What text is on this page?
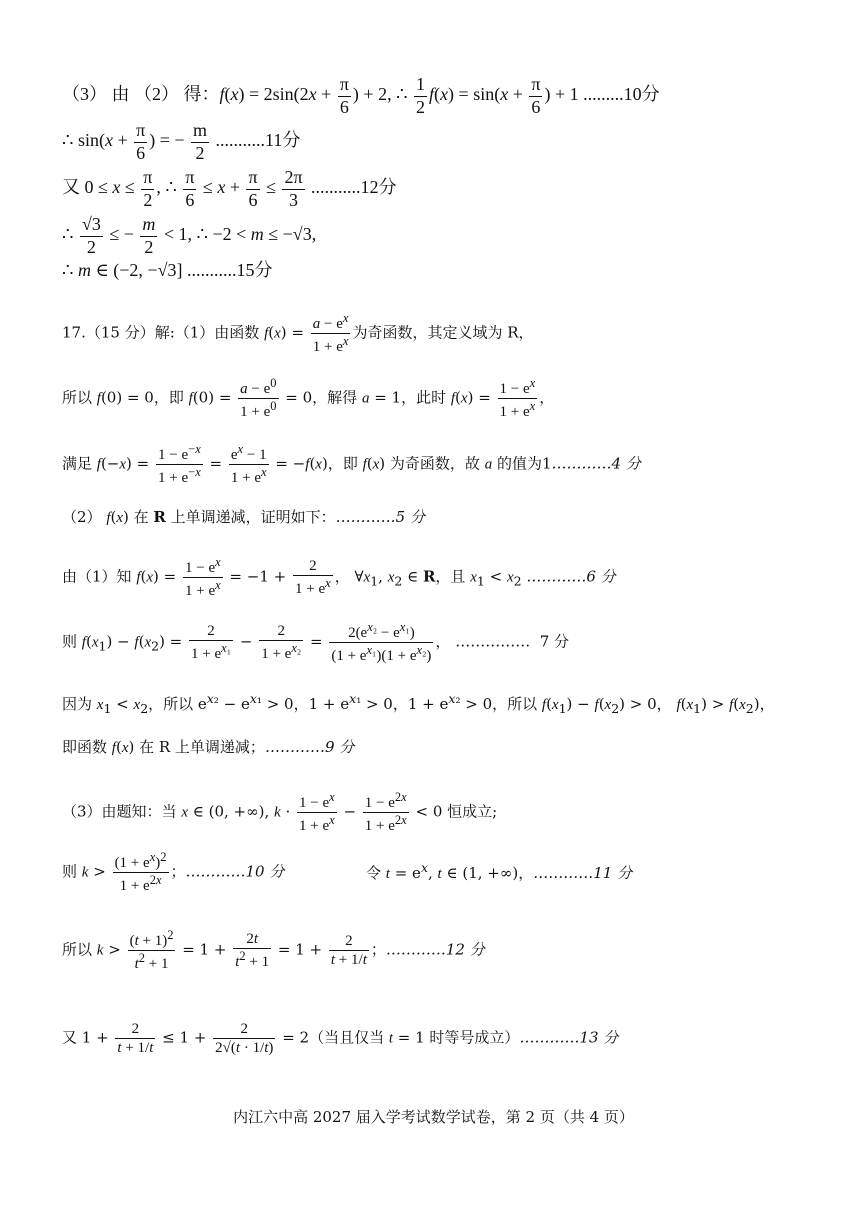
（3） 由 （2） 得：$f(x) = 2\sin(2x + \frac{\pi}{6}$ ) + 2, ∴ $\frac{1}{2} f(x) = \sin(x + \frac{\pi}{6}$ ) + 1 .........10分
∴ $\sin(x + \frac{\pi}{6}$ ) = − $\frac{m}{2} ...........11$分
又 $0 \le x \le \frac{\pi}{2}$ , ∴ $\frac{\pi}{6} \le x + \frac{\pi}{6} \le \frac{2\pi}{3} ...........12$分
∴ $\frac{√3}{2}$ ≤ − $\frac{m}{2} < 1$, ∴ −2 < m ≤ −√3,
∴ m ∈ (−2, −√3] ...........15分
17.（15 分）解:（1）由函数 $f(x) = \frac{a - e^x}{1 + e^x}$ 为奇函数，其定义域为 R，
所以 f(0) = 0，即 $f(0) = \frac{a - e^0}{1 + e^0} = 0$，解得 a = 1，此时 $f(x) = \frac{1 - e^x}{1 + e^x}$ ，
满足 $f(-x) = \frac{1 - e^{-x}}{1 + e^{-x}} = \frac{e^x - 1}{1 + e^x} = -f(x)$，即 f(x) 为奇函数，故 a 的值为1…………4 分
（2） f(x) 在 R 上单调递减，证明如下：…………5 分
由（1）知 $f(x) = \frac{1 - e^x}{1 + e^x} = -1 + \frac{2}{1 + e^x}$ ， $\forall x_1$, $x_2$ ∈ R，且 $x_1 < x_2$ …………6 分
则 $f(x_1) - f(x_2) = \frac{2}{1 + e^{x_1}} - \frac{2}{1 + e^{x_2}} = \frac{2(e^{x_2} - e^{x_1})}{(1 + e^{x_1})(1 + e^{x_2})}$ ， ……………  7 分
因为 $x_1 < x_2$，所以 $e^{x_2} - e^{x_1} > 0$，$1 + e^{x_1} > 0$，$1 + e^{x_2} > 0$，所以 $f(x_1) - f(x_2) > 0$， $f(x_1) > f(x_2)$，
即函数 f(x) 在 R 上单调递减；…………9 分
（3）由题知：当 x ∈ (0, +∞), $k \cdot \frac{1 - e^x}{1 + e^x} - \frac{1 - e^{2x}}{1 + e^{2x}} < 0$ 恒成立;
则 $k > \frac{(1 + e^x)^2}{1 + e^{2x}}$ ；…………10 分	令 $t = e^x$, t ∈ (1, +∞)，…………11 分
所以 $k > \frac{(t + 1)^2}{t^2 + 1} = 1 + \frac{2t}{t^2 + 1} = 1 + \frac{2}{t + 1/t}$ ；…………12 分
又 $1 + \frac{2}{t + 1/t} \le 1 + \frac{2}{2√(t \cdot 1/t)} = 2$（当且仅当 t = 1 时等号成立）…………13 分
内江六中高 2027 届入学考试数学试卷，第 2 页（共 4 页）
